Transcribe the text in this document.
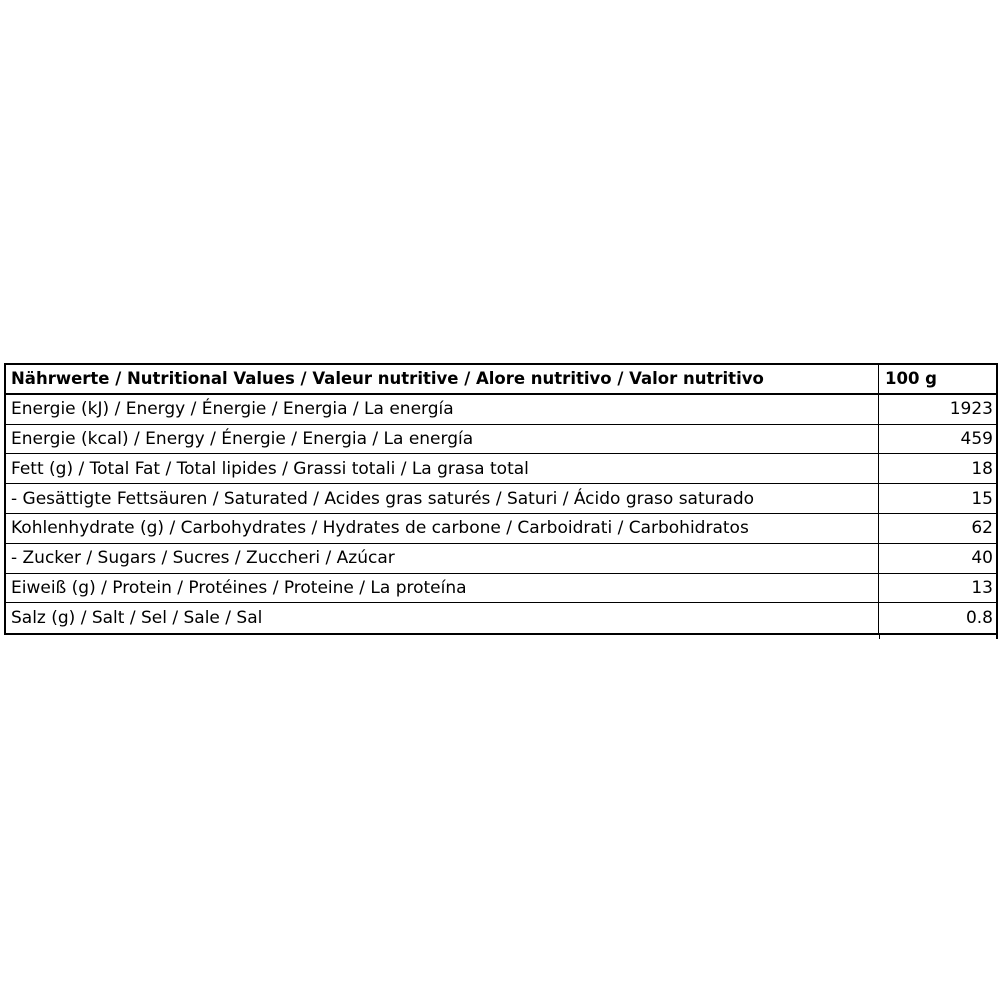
Nährwerte / Nutritional Values / Valeur nutritive / Alore nutritivo / Valor nutritivo	100 g
Energie (kJ) / Energy / Énergie / Energia / La energía	1923
Energie (kcal) / Energy / Énergie / Energia / La energía	459
Fett (g) / Total Fat / Total lipides / Grassi totali / La grasa total	18
- Gesättigte Fettsäuren / Saturated / Acides gras saturés / Saturi / Ácido graso saturado	15
Kohlenhydrate (g) / Carbohydrates / Hydrates de carbone / Carboidrati / Carbohidratos	62
- Zucker / Sugars / Sucres / Zuccheri / Azúcar	40
Eiweiß (g) / Protein / Protéines / Proteine / La proteína	13
Salz (g) / Salt / Sel / Sale / Sal	0.8
